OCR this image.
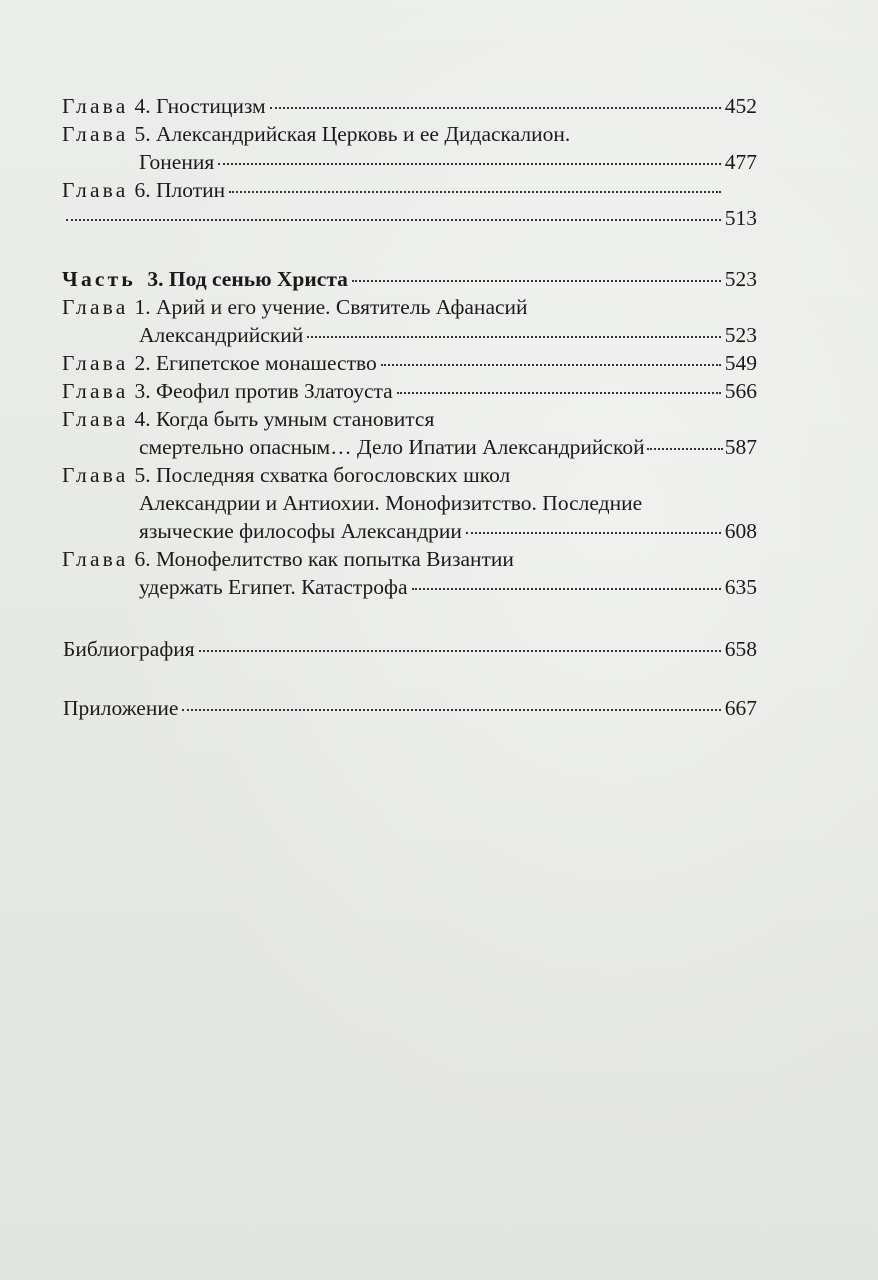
Глава 4. Гностицизм	452
Глава 5. Александрийская Церковь и ее Дидаскалион.
Гонения	477
Глава 6. Плотин
513
Часть 3. Под сенью Христа	523
Глава 1. Арий и его учение. Святитель Афанасий
Александрийский	523
Глава 2. Египетское монашество	549
Глава 3. Феофил против Златоуста	566
Глава 4. Когда быть умным становится
смертельно опасным… Дело Ипатии Александрийской	587
Глава 5. Последняя схватка богословских школ
Александрии и Антиохии. Монофизитство. Последние
языческие философы Александрии	608
Глава 6. Монофелитство как попытка Византии
удержать Египет. Катастрофа	635
Библиография	658
Приложение	667
